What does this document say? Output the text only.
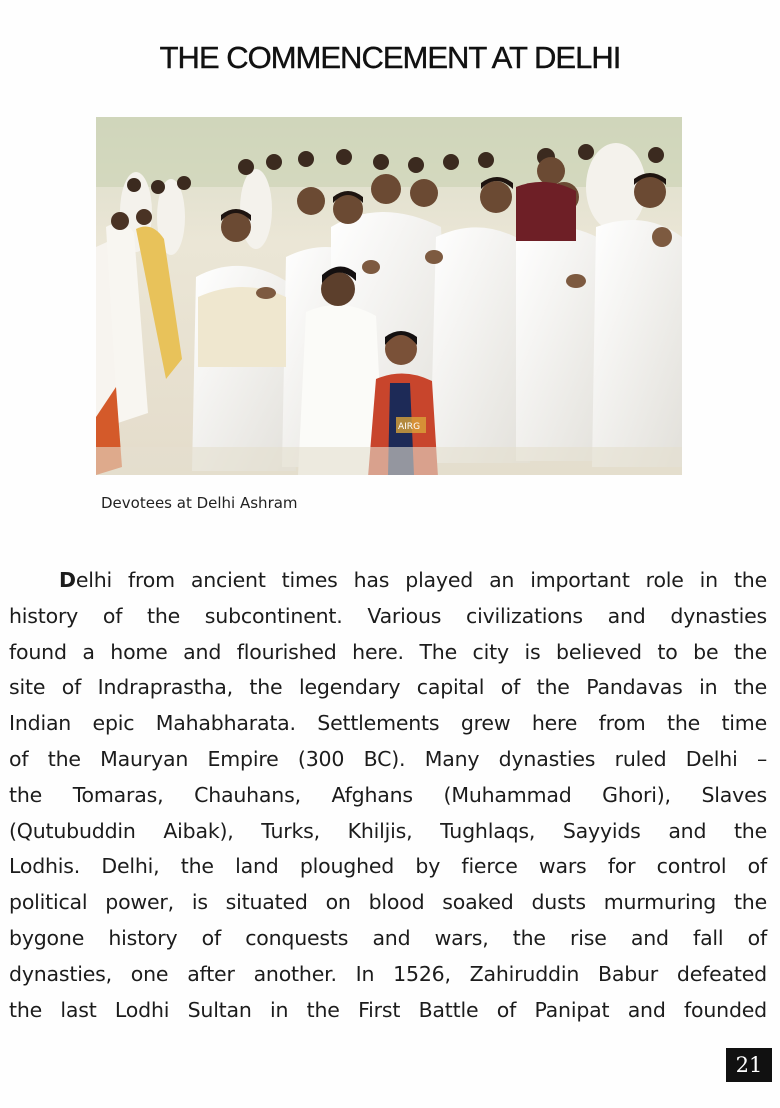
THE COMMENCEMENT AT DELHI
AIRG

Devotees at Delhi Ashram

Delhi from ancient times has played an important role in the
history of the subcontinent. Various civilizations and dynasties
found a home and flourished here. The city is believed to be the
site of Indraprastha, the legendary capital of the Pandavas in the
Indian epic Mahabharata. Settlements grew here from the time
of the Mauryan Empire (300 BC). Many dynasties ruled Delhi –
the Tomaras, Chauhans, Afghans (Muhammad Ghori), Slaves
(Qutubuddin Aibak), Turks, Khiljis, Tughlaqs, Sayyids and the
Lodhis. Delhi, the land ploughed by fierce wars for control of
political power, is situated on blood soaked dusts murmuring the
bygone history of conquests and wars, the rise and fall of
dynasties, one after another. In 1526, Zahiruddin Babur defeated
the last Lodhi Sultan in the First Battle of Panipat and founded
21
